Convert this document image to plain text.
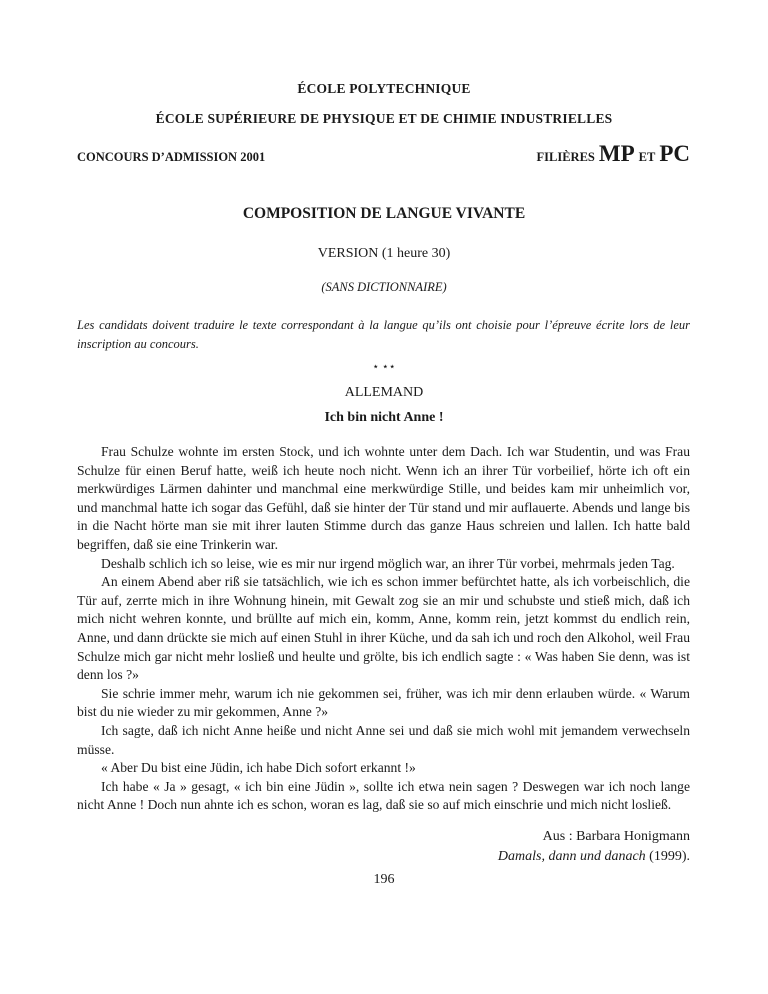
ÉCOLE POLYTECHNIQUE
ÉCOLE SUPÉRIEURE DE PHYSIQUE ET DE CHIMIE INDUSTRIELLES
CONCOURS D’ADMISSION 2001	FILIÈRES MP ET PC
COMPOSITION DE LANGUE VIVANTE
VERSION (1 heure 30)
(SANS DICTIONNAIRE)
Les candidats doivent traduire le texte correspondant à la langue qu’ils ont choisie pour l’épreuve écrite lors de leur inscription au concours.
⋆ ⋆⋆
ALLEMAND
Ich bin nicht Anne !

Frau Schulze wohnte im ersten Stock, und ich wohnte unter dem Dach. Ich war Studentin, und was Frau Schulze für einen Beruf hatte, weiß ich heute noch nicht. Wenn ich an ihrer Tür vorbeilief, hörte ich oft ein merkwürdiges Lärmen dahinter und manchmal eine merkwürdige Stille, und beides kam mir unheimlich vor, und manchmal hatte ich sogar das Gefühl, daß sie hinter der Tür stand und mir auflauerte. Abends und lange bis in die Nacht hörte man sie mit ihrer lauten Stimme durch das ganze Haus schreien und lallen. Ich hatte bald begriffen, daß sie eine Trinkerin war.

Deshalb schlich ich so leise, wie es mir nur irgend möglich war, an ihrer Tür vorbei, mehrmals jeden Tag.

An einem Abend aber riß sie tatsächlich, wie ich es schon immer befürchtet hatte, als ich vorbeischlich, die Tür auf, zerrte mich in ihre Wohnung hinein, mit Gewalt zog sie an mir und schubste und stieß mich, daß ich mich nicht wehren konnte, und brüllte auf mich ein, komm, Anne, komm rein, jetzt kommst du endlich rein, Anne, und dann drückte sie mich auf einen Stuhl in ihrer Küche, und da sah ich und roch den Alkohol, weil Frau Schulze mich gar nicht mehr losließ und heulte und grölte, bis ich endlich sagte : « Was haben Sie denn, was ist denn los ?»

Sie schrie immer mehr, warum ich nie gekommen sei, früher, was ich mir denn erlauben würde. « Warum bist du nie wieder zu mir gekommen, Anne ?»

Ich sagte, daß ich nicht Anne heiße und nicht Anne sei und daß sie mich wohl mit jemandem verwechseln müsse.

« Aber Du bist eine Jüdin, ich habe Dich sofort erkannt !»

Ich habe « Ja » gesagt, « ich bin eine Jüdin », sollte ich etwa nein sagen ? Deswegen war ich noch lange nicht Anne ! Doch nun ahnte ich es schon, woran es lag, daß sie so auf mich einschrie und mich nicht losließ.

Aus : Barbara Honigmann
Damals, dann und danach (1999).
196
